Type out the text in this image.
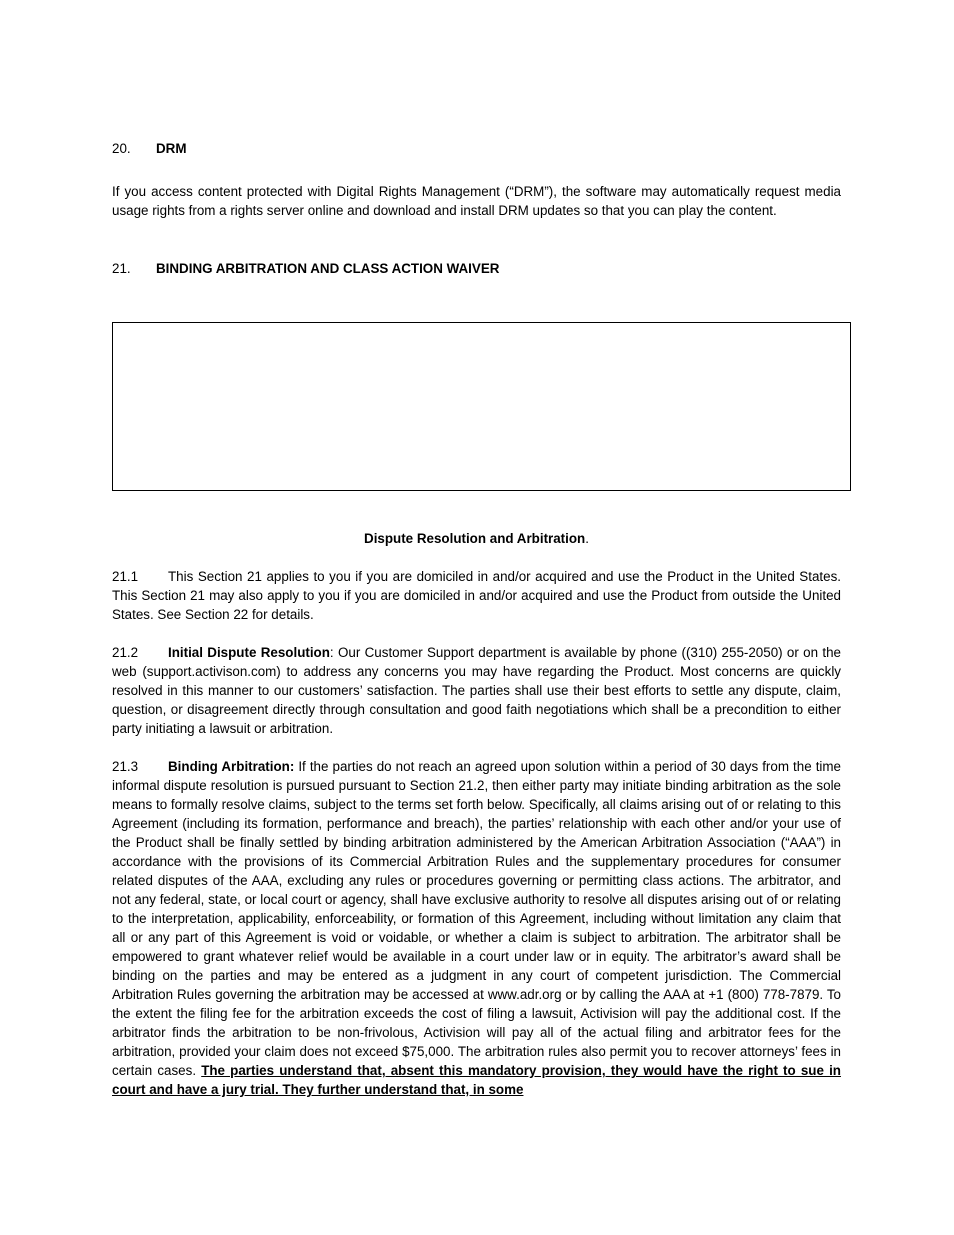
20. DRM
If you access content protected with Digital Rights Management (“DRM”), the software may automatically request media usage rights from a rights server online and download and install DRM updates so that you can play the content.
21. BINDING ARBITRATION AND CLASS ACTION WAIVER
Dispute Resolution and Arbitration.
21.1 This Section 21 applies to you if you are domiciled in and/or acquired and use the Product in the United States. This Section 21 may also apply to you if you are domiciled in and/or acquired and use the Product from outside the United States. See Section 22 for details.
21.2 Initial Dispute Resolution: Our Customer Support department is available by phone ((310) 255-2050) or on the web (support.activison.com) to address any concerns you may have regarding the Product. Most concerns are quickly resolved in this manner to our customers’ satisfaction. The parties shall use their best efforts to settle any dispute, claim, question, or disagreement directly through consultation and good faith negotiations which shall be a precondition to either party initiating a lawsuit or arbitration.
21.3 Binding Arbitration: If the parties do not reach an agreed upon solution within a period of 30 days from the time informal dispute resolution is pursued pursuant to Section 21.2, then either party may initiate binding arbitration as the sole means to formally resolve claims, subject to the terms set forth below. Specifically, all claims arising out of or relating to this Agreement (including its formation, performance and breach), the parties’ relationship with each other and/or your use of the Product shall be finally settled by binding arbitration administered by the American Arbitration Association (“AAA”) in accordance with the provisions of its Commercial Arbitration Rules and the supplementary procedures for consumer related disputes of the AAA, excluding any rules or procedures governing or permitting class actions. The arbitrator, and not any federal, state, or local court or agency, shall have exclusive authority to resolve all disputes arising out of or relating to the interpretation, applicability, enforceability, or formation of this Agreement, including without limitation any claim that all or any part of this Agreement is void or voidable, or whether a claim is subject to arbitration. The arbitrator shall be empowered to grant whatever relief would be available in a court under law or in equity. The arbitrator’s award shall be binding on the parties and may be entered as a judgment in any court of competent jurisdiction. The Commercial Arbitration Rules governing the arbitration may be accessed at www.adr.org or by calling the AAA at +1 (800) 778-7879. To the extent the filing fee for the arbitration exceeds the cost of filing a lawsuit, Activision will pay the additional cost. If the arbitrator finds the arbitration to be non-frivolous, Activision will pay all of the actual filing and arbitrator fees for the arbitration, provided your claim does not exceed $75,000. The arbitration rules also permit you to recover attorneys’ fees in certain cases. The parties understand that, absent this mandatory provision, they would have the right to sue in court and have a jury trial. They further understand that, in some
